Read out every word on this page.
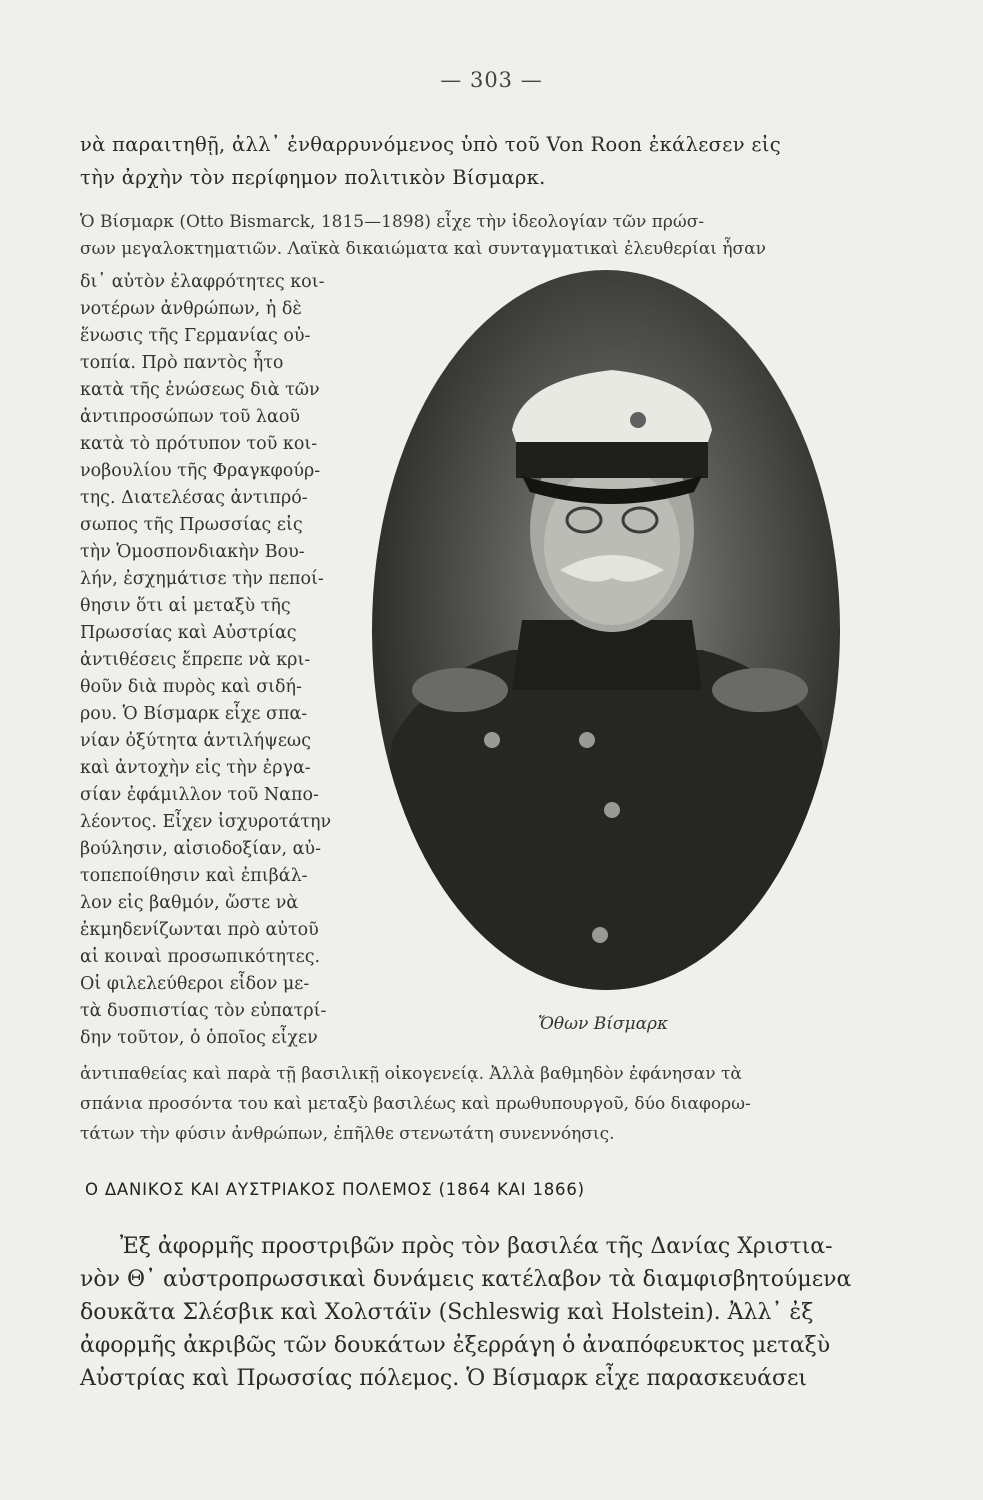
— 303 —

νὰ παραιτηθῇ, ἀλλ᾽ ἐνθαρρυνόμενος ὑπὸ τοῦ Von Roon ἐκάλεσεν εἰς

τὴν ἀρχὴν τὸν περίφημον πολιτικὸν Βίσμαρκ.

Ὁ Βίσμαρκ (Otto Bismarck, 1815—1898) εἶχε τὴν ἰδεολογίαν τῶν πρώσ-

σων μεγαλοκτηματιῶν. Λαϊκὰ δικαιώματα καὶ συνταγματικαὶ ἐλευθερίαι ἦσαν

δι᾽ αὐτὸν ἐλαφρότητες κοι-
νοτέρων ἀνθρώπων, ἡ δὲ
ἕνωσις τῆς Γερμανίας οὐ-
τοπία. Πρὸ παντὸς ἦτο
κατὰ τῆς ἑνώσεως διὰ τῶν
ἀντιπροσώπων τοῦ λαοῦ
κατὰ τὸ πρότυπον τοῦ κοι-
νοβουλίου τῆς Φραγκφούρ-
της. Διατελέσας ἀντιπρό-
σωπος τῆς Πρωσσίας εἰς
τὴν Ὁμοσπονδιακὴν Βου-
λήν, ἐσχημάτισε τὴν πεποί-
θησιν ὅτι αἱ μεταξὺ τῆς
Πρωσσίας καὶ Αὐστρίας
ἀντιθέσεις ἔπρεπε νὰ κρι-
θοῦν διὰ πυρὸς καὶ σιδή-
ρου. Ὁ Βίσμαρκ εἶχε σπα-
νίαν ὀξύτητα ἀντιλήψεως
καὶ ἀντοχὴν εἰς τὴν ἐργα-
σίαν ἐφάμιλλον τοῦ Ναπο-
λέοντος. Εἶχεν ἰσχυροτάτην
βούλησιν, αἰσιοδοξίαν, αὐ-
τοπεποίθησιν καὶ ἐπιβάλ-
λον εἰς βαθμόν, ὥστε νὰ
ἐκμηδενίζωνται πρὸ αὐτοῦ
αἱ κοιναὶ προσωπικότητες.
Οἱ φιλελεύθεροι εἶδον με-
τὰ δυσπιστίας τὸν εὐπατρί-
δην τοῦτον, ὁ ὁποῖος εἶχεν

ἀντιπαθείας καὶ παρὰ τῇ βασιλικῇ οἰκογενείᾳ. Ἀλλὰ βαθμηδὸν ἐφάνησαν τὰ

σπάνια προσόντα του καὶ μεταξὺ βασιλέως καὶ πρωθυπουργοῦ, δύο διαφορω-

τάτων τὴν φύσιν ἀνθρώπων, ἐπῆλθε στενωτάτη συνεννόησις.

Ὄθων Βίσμαρκ
Ο ΔΑΝΙΚΟΣ ΚΑΙ ΑΥΣΤΡΙΑΚΟΣ ΠΟΛΕΜΟΣ (1864 ΚΑΙ 1866)

Ἐξ ἀφορμῆς προστριβῶν πρὸς τὸν βασιλέα τῆς Δανίας Χριστια-

νὸν Θ᾽ αὐστροπρωσσικαὶ δυνάμεις κατέλαβον τὰ διαμφισβητούμενα

δουκᾶτα Σλέσβικ καὶ Χολστάϊν (Schleswig καὶ Holstein). Ἀλλ᾽ ἐξ

ἀφορμῆς ἀκριβῶς τῶν δουκάτων ἐξερράγη ὁ ἀναπόφευκτος μεταξὺ

Αὐστρίας καὶ Πρωσσίας πόλεμος. Ὁ Βίσμαρκ εἶχε παρασκευάσει
